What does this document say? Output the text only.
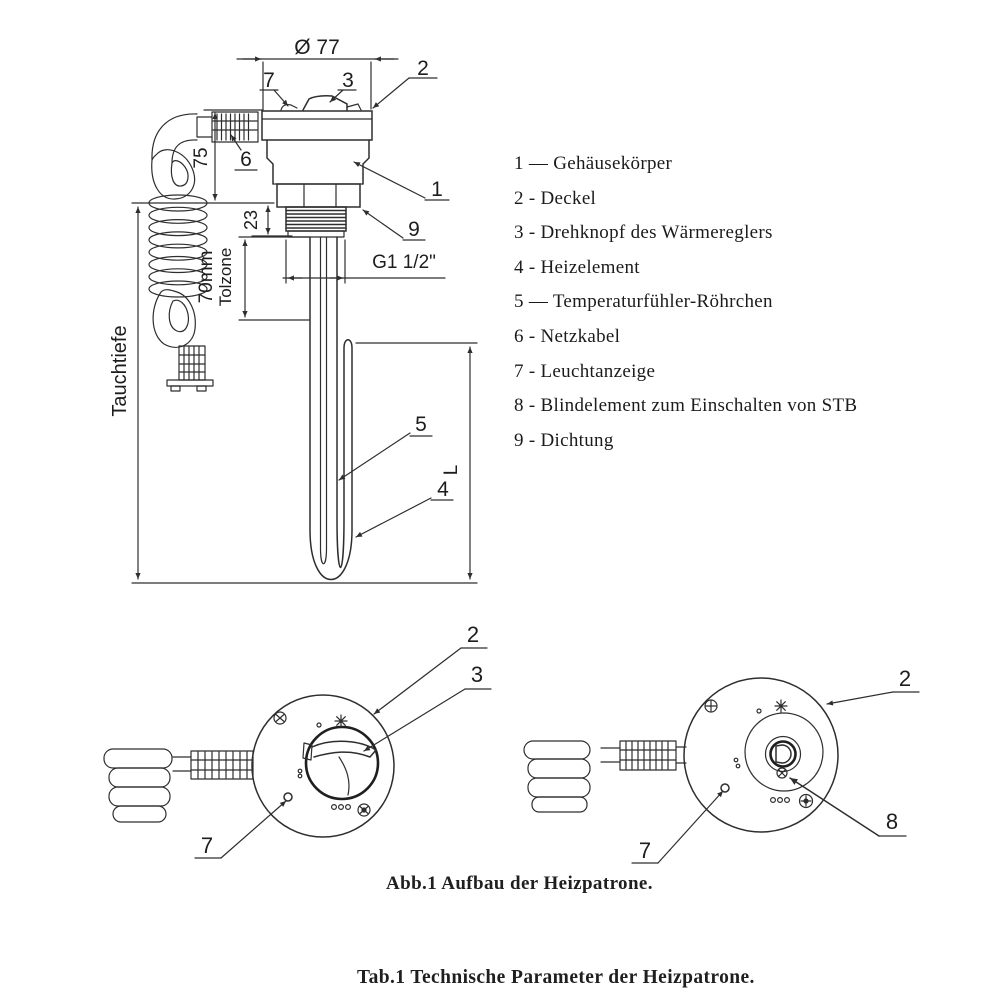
Ø 77
75
Tauchtiefe
23
70mm Tolzone	G1 1/2"
L
7	3
2
6
1
9
5
4
2
3
7
2
8
7
1 — Gehäusekörper
2 - Deckel
3 - Drehknopf des Wärmereglers
4 - Heizelement
5 — Temperaturfühler-Röhrchen
6 - Netzkabel
7 - Leuchtanzeige
8 - Blindelement zum Einschalten von STB
9 - Dichtung
Abb.1 Aufbau der Heizpatrone.
Tab.1 Technische Parameter der Heizpatrone.
